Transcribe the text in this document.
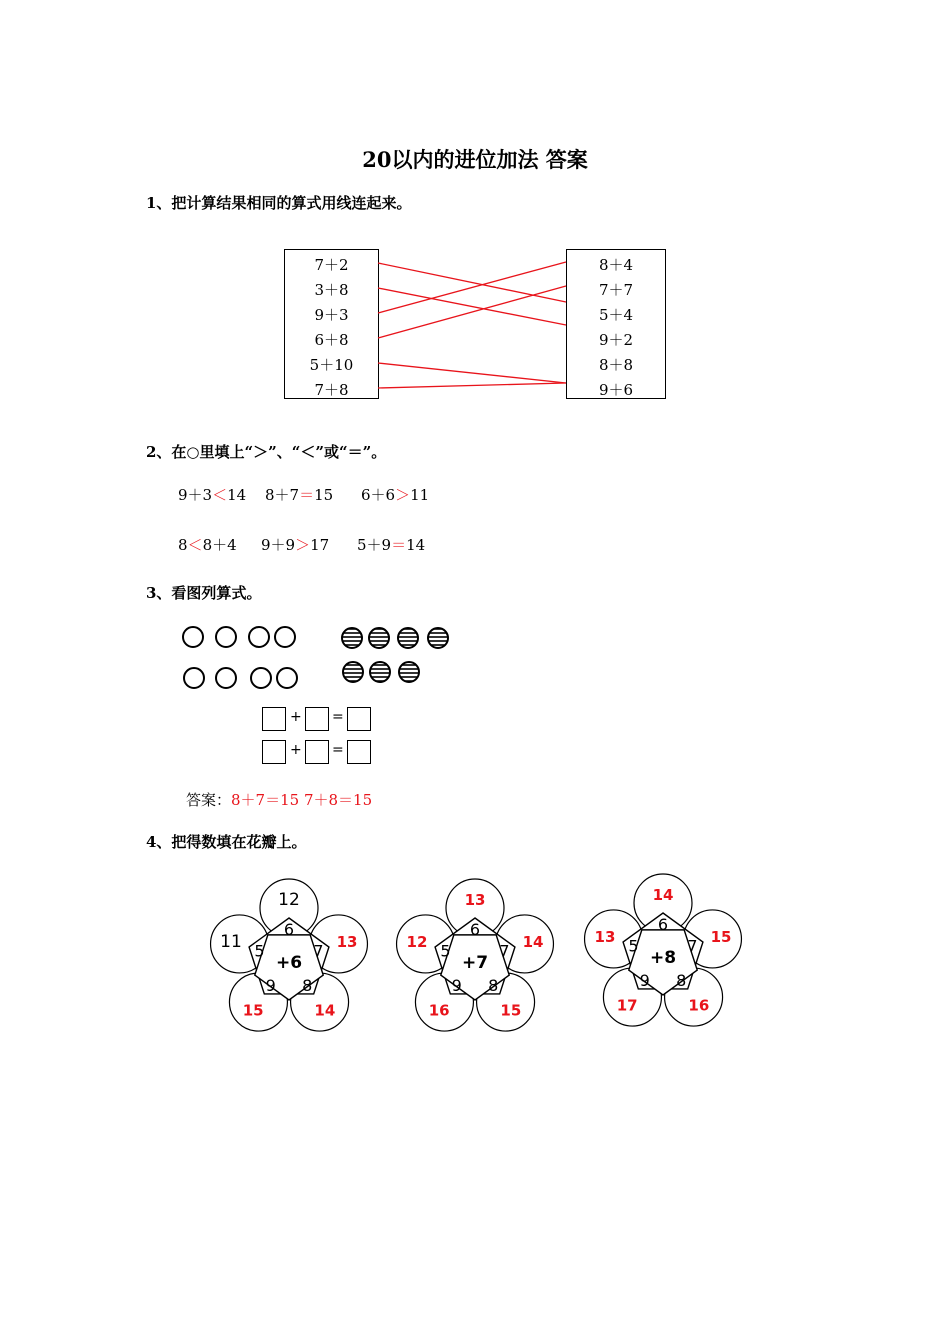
20以内的进位加法 答案
1、把计算结果相同的算式用线连起来。
7＋2
3＋8
9＋3
6＋8
5＋10
7＋8
8＋4
7＋7
5＋4
9＋2
8＋8
9＋6
2、在○里填上“＞”、“＜”或“＝”。
9＋3＜14 8＋7＝15 6＋6＞11
8＜8＋4 9＋9＞17 5＋9＝14
3、看图列算式。
+ =
+ =
答案：8＋7＝15 7＋8＝15
4、把得数填在花瓣上。
12
13
14
15
11
6
7
8
9
5
+6
13
14
15
16
12
6
7
8
9
5
+7
14
15
16
17
13
6
7
8
9
5
+8
